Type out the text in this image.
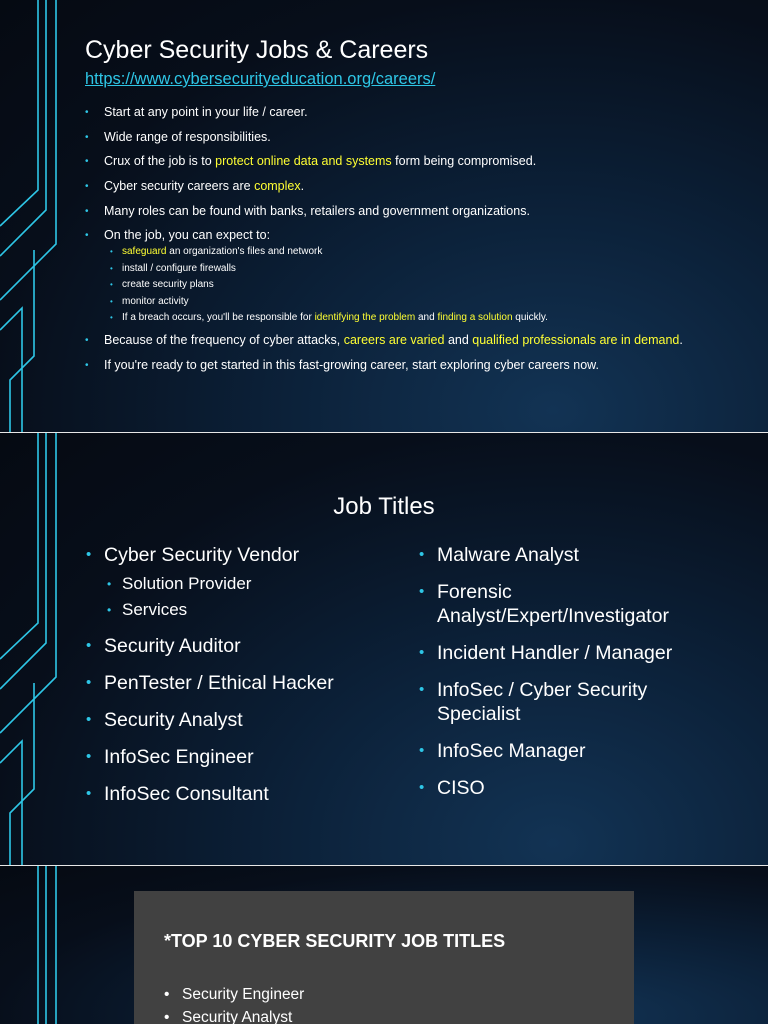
Cyber Security Jobs & Careers
https://www.cybersecurityeducation.org/careers/
• Start at any point in your life / career.
• Wide range of responsibilities.
• Crux of the job is to protect online data and systems form being compromised.
• Cyber security careers are complex.
• Many roles can be found with banks, retailers and government organizations.
• On the job, you can expect to:
• safeguard an organization's files and network
• install / configure firewalls
• create security plans
• monitor activity
• If a breach occurs, you'll be responsible for identifying the problem and finding a solution quickly.
• Because of the frequency of cyber attacks, careers are varied and qualified professionals are in demand.
• If you're ready to get started in this fast-growing career, start exploring cyber careers now.
Job Titles
• Cyber Security Vendor
• Solution Provider
• Services
• Security Auditor
• PenTester / Ethical Hacker
• Security Analyst
• InfoSec Engineer
• InfoSec Consultant
• Malware Analyst
• Forensic
Analyst/Expert/Investigator
• Incident Handler / Manager
• InfoSec / Cyber Security
Specialist
• InfoSec Manager
• CISO
*TOP 10 CYBER SECURITY JOB TITLES
• Security Engineer
• Security Analyst
